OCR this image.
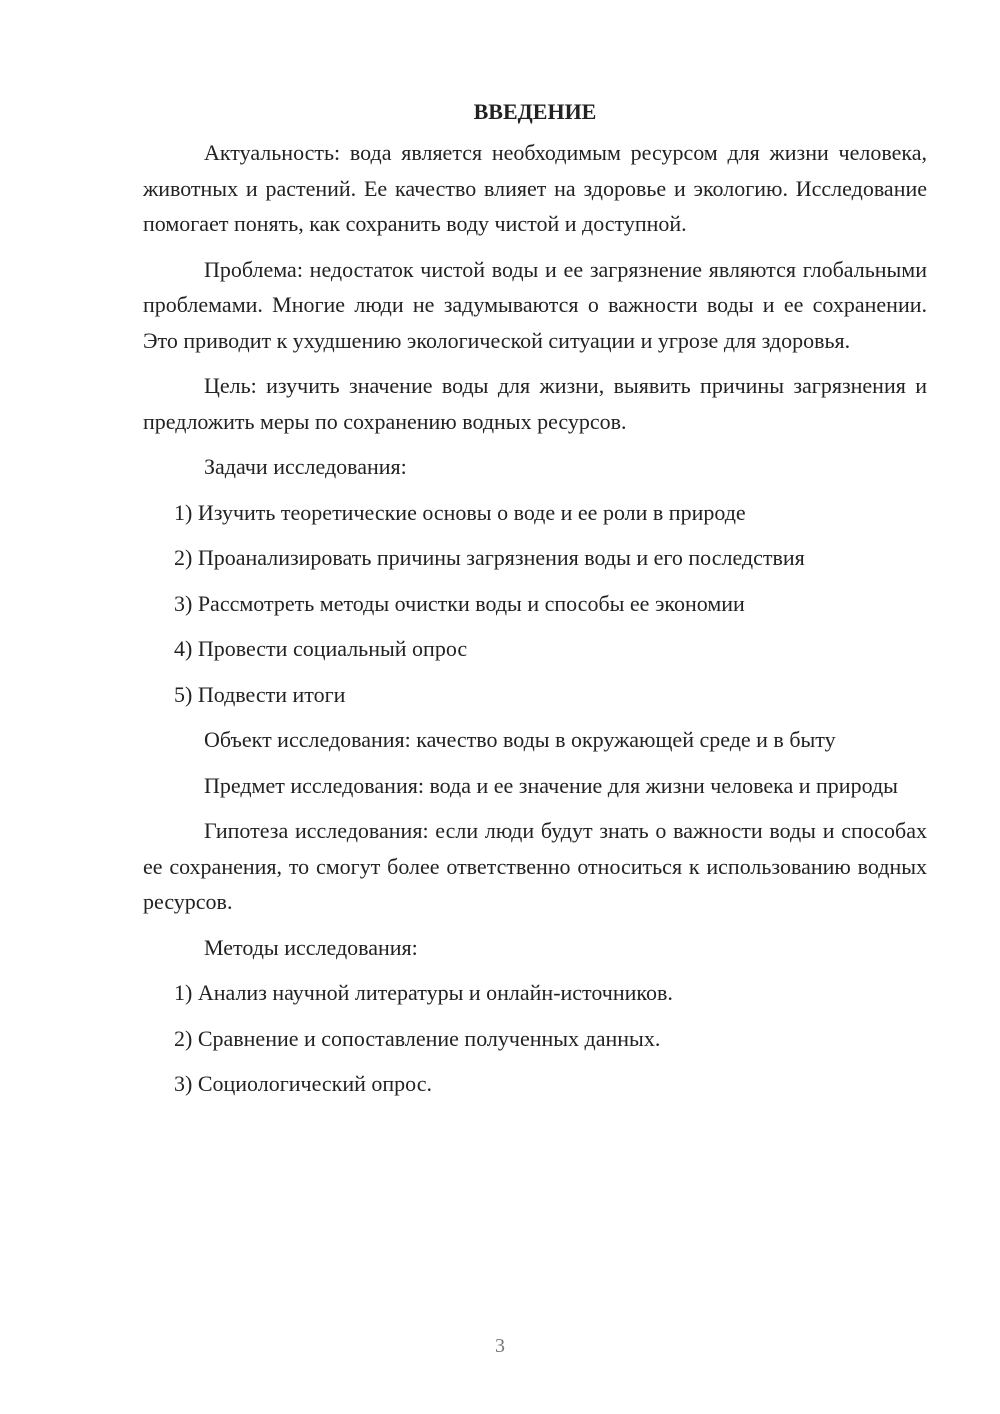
ВВЕДЕНИЕ
Актуальность: вода является необходимым ресурсом для жизни человека, животных и растений. Ее качество влияет на здоровье и экологию. Исследование помогает понять, как сохранить воду чистой и доступной.
Проблема: недостаток чистой воды и ее загрязнение являются глобальными проблемами. Многие люди не задумываются о важности воды и ее сохранении. Это приводит к ухудшению экологической ситуации и угрозе для здоровья.
Цель: изучить значение воды для жизни, выявить причины загрязнения и предложить меры по сохранению водных ресурсов.
Задачи исследования:
1) Изучить теоретические основы о воде и ее роли в природе
2) Проанализировать причины загрязнения воды и его последствия
3) Рассмотреть методы очистки воды и способы ее экономии
4) Провести социальный опрос
5) Подвести итоги
Объект исследования: качество воды в окружающей среде и в быту
Предмет исследования: вода и ее значение для жизни человека и природы
Гипотеза исследования: если люди будут знать о важности воды и способах ее сохранения, то смогут более ответственно относиться к использованию водных ресурсов.
Методы исследования:
1) Анализ научной литературы и онлайн-источников.
2) Сравнение и сопоставление полученных данных.
3) Социологический опрос.
3
